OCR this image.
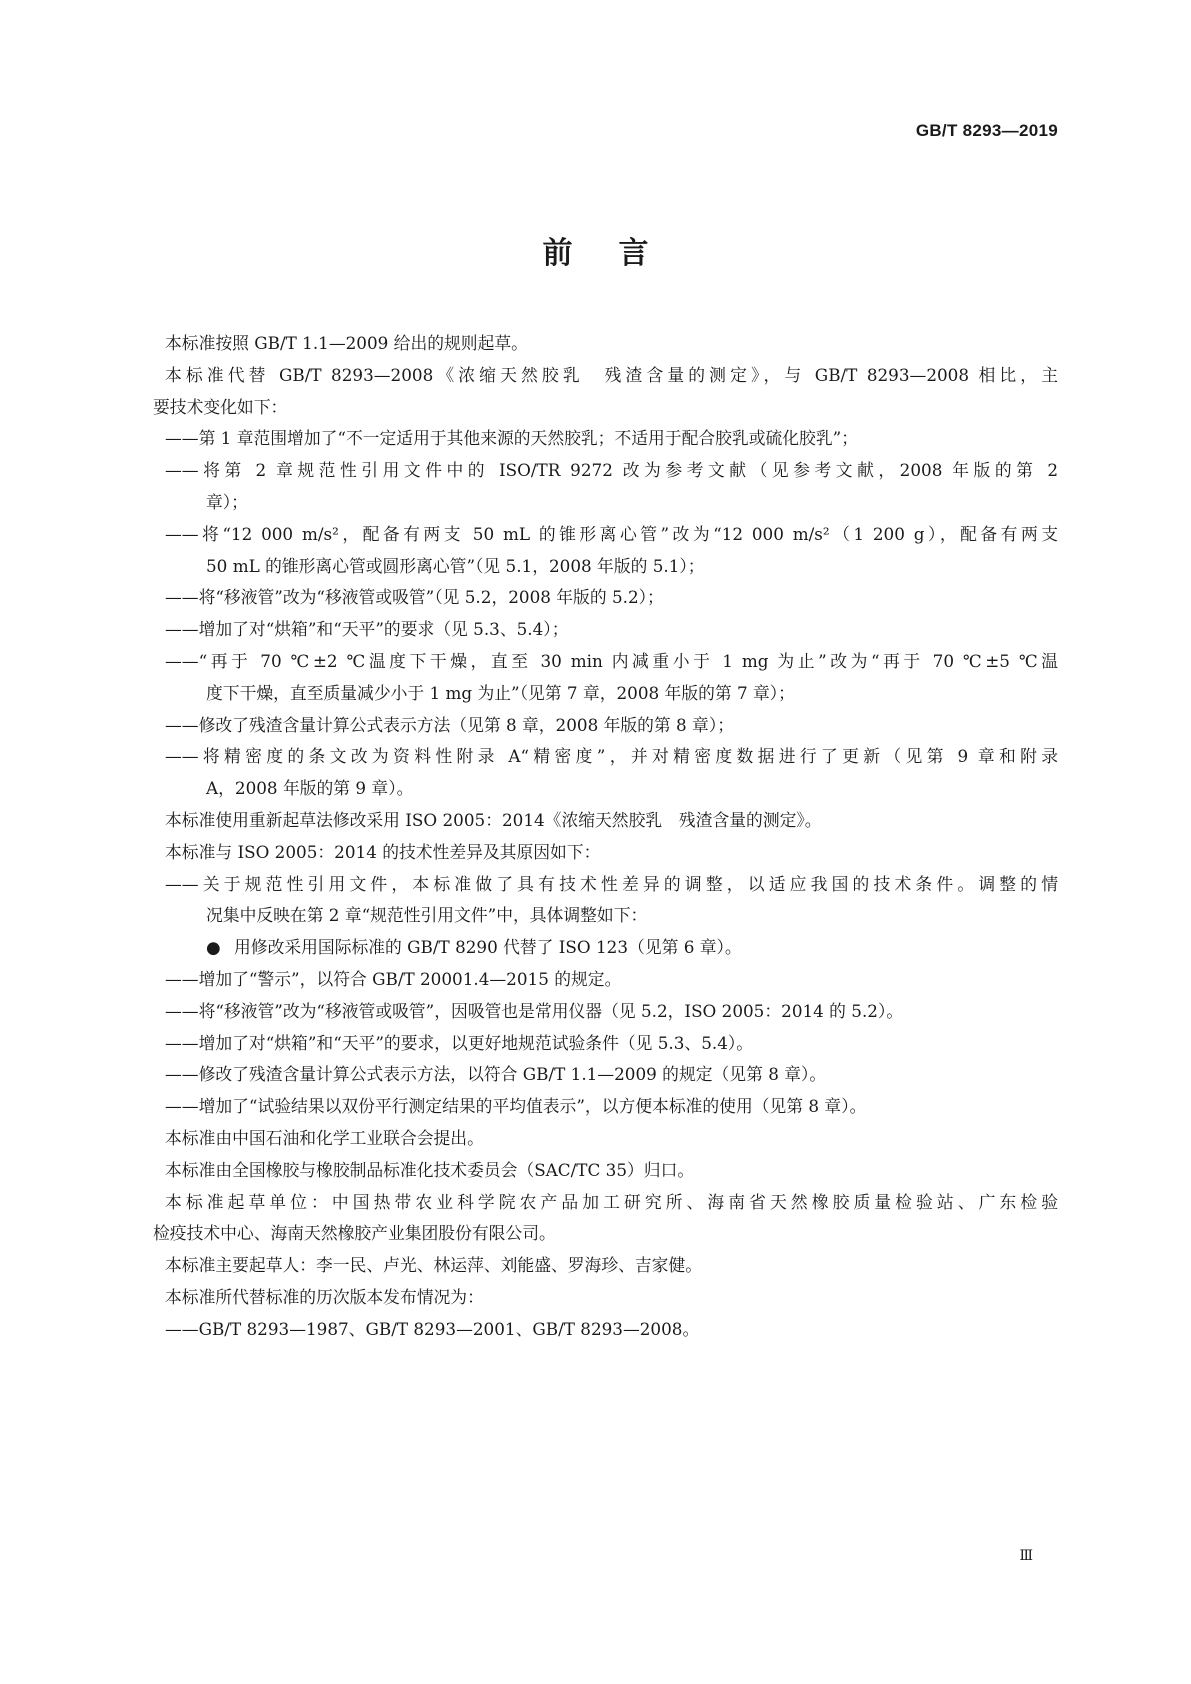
GB/T 8293—2019
前言
本标准按照 GB/T 1.1—2009 给出的规则起草。
本标准代替 GB/T 8293—2008《浓缩天然胶乳　残渣含量的测定》，与 GB/T 8293—2008 相比，主
要技术变化如下：
——第 1 章范围增加了“不一定适用于其他来源的天然胶乳；不适用于配合胶乳或硫化胶乳”；
——将第 2 章规范性引用文件中的 ISO/TR 9272 改为参考文献（见参考文献，2008 年版的第 2
章）；
——将“12 000 m/s²，配备有两支 50 mL 的锥形离心管”改为“12 000 m/s²（1 200 g），配备有两支
50 mL 的锥形离心管或圆形离心管”（见 5.1，2008 年版的 5.1）；
——将“移液管”改为“移液管或吸管”（见 5.2，2008 年版的 5.2）；
——增加了对“烘箱”和“天平”的要求（见 5.3、5.4）；
——“再于 70 ℃±2 ℃温度下干燥，直至 30 min 内减重小于 1 mg 为止”改为“再于 70 ℃±5 ℃温
度下干燥，直至质量减少小于 1 mg 为止”（见第 7 章，2008 年版的第 7 章）；
——修改了残渣含量计算公式表示方法（见第 8 章，2008 年版的第 8 章）；
——将精密度的条文改为资料性附录 A“精密度”，并对精密度数据进行了更新（见第 9 章和附录
A，2008 年版的第 9 章）。
本标准使用重新起草法修改采用 ISO 2005：2014《浓缩天然胶乳　残渣含量的测定》。
本标准与 ISO 2005：2014 的技术性差异及其原因如下：
——关于规范性引用文件，本标准做了具有技术性差异的调整，以适应我国的技术条件。调整的情
况集中反映在第 2 章“规范性引用文件”中，具体调整如下：
● 用修改采用国际标准的 GB/T 8290 代替了 ISO 123（见第 6 章）。
——增加了“警示”，以符合 GB/T 20001.4—2015 的规定。
——将“移液管”改为“移液管或吸管”，因吸管也是常用仪器（见 5.2，ISO 2005：2014 的 5.2）。
——增加了对“烘箱”和“天平”的要求，以更好地规范试验条件（见 5.3、5.4）。
——修改了残渣含量计算公式表示方法，以符合 GB/T 1.1—2009 的规定（见第 8 章）。
——增加了“试验结果以双份平行测定结果的平均值表示”，以方便本标准的使用（见第 8 章）。
本标准由中国石油和化学工业联合会提出。
本标准由全国橡胶与橡胶制品标准化技术委员会（SAC/TC 35）归口。
本标准起草单位：中国热带农业科学院农产品加工研究所、海南省天然橡胶质量检验站、广东检验
检疫技术中心、海南天然橡胶产业集团股份有限公司。
本标准主要起草人：李一民、卢光、林运萍、刘能盛、罗海珍、吉家健。
本标准所代替标准的历次版本发布情况为：
——GB/T 8293—1987、GB/T 8293—2001、GB/T 8293—2008。
Ⅲ
